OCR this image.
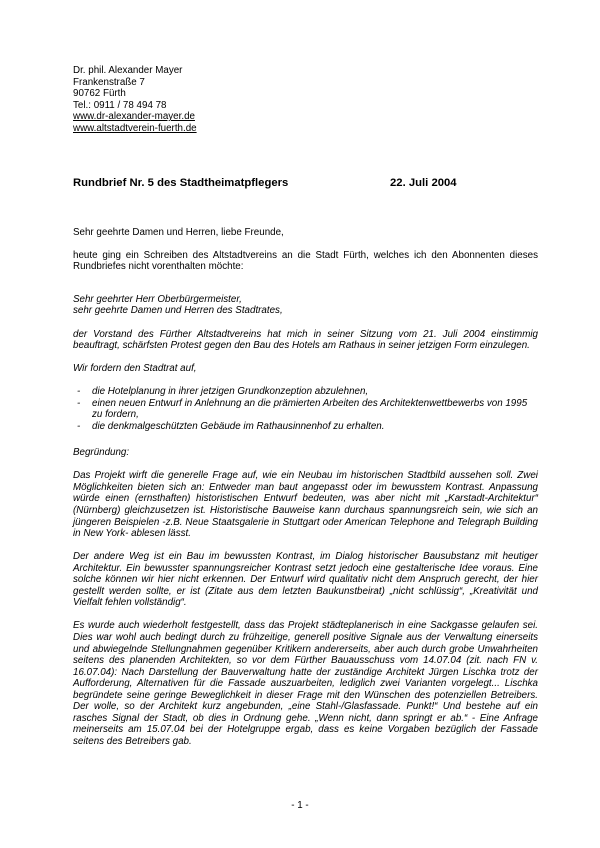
Dr. phil. Alexander Mayer
Frankenstraße 7
90762 Fürth
Tel.: 0911 / 78 494 78
www.dr-alexander-mayer.de
www.altstadtverein-fuerth.de
Rundbrief Nr. 5 des Stadtheimatpflegers	22. Juli 2004
Sehr geehrte Damen und Herren, liebe Freunde,
heute ging ein Schreiben des Altstadtvereins an die Stadt Fürth, welches ich den Abonnenten dieses Rundbriefes nicht vorenthalten möchte:
Sehr geehrter Herr Oberbürgermeister,
sehr geehrte Damen und Herren des Stadtrates,
der Vorstand des Fürther Altstadtvereins hat mich in seiner Sitzung vom 21. Juli 2004 einstimmig beauftragt, schärfsten Protest gegen den Bau des Hotels am Rathaus in seiner jetzigen Form einzulegen.
Wir fordern den Stadtrat auf,
-	die Hotelplanung in ihrer jetzigen Grundkonzeption abzulehnen,
-	einen neuen Entwurf in Anlehnung an die prämierten Arbeiten des Architektenwettbewerbs von 1995 zu fordern,
-	die denkmalgeschützten Gebäude im Rathausinnenhof zu erhalten.
Begründung:
Das Projekt wirft die generelle Frage auf, wie ein Neubau im historischen Stadtbild aussehen soll. Zwei Möglichkeiten bieten sich an: Entweder man baut angepasst oder im bewusstem Kontrast. Anpassung würde einen (ernsthaften) historistischen Entwurf bedeuten, was aber nicht mit „Karstadt-Architektur“ (Nürnberg) gleichzusetzen ist. Historistische Bauweise kann durchaus spannungsreich sein, wie sich an jüngeren Beispielen -z.B. Neue Staatsgalerie in Stuttgart oder American Telephone and Telegraph Building in New York- ablesen lässt.
Der andere Weg ist ein Bau im bewussten Kontrast, im Dialog historischer Bausubstanz mit heutiger Architektur. Ein bewusster spannungsreicher Kontrast setzt jedoch eine gestalterische Idee voraus. Eine solche können wir hier nicht erkennen. Der Entwurf wird qualitativ nicht dem Anspruch gerecht, der hier gestellt werden sollte, er ist (Zitate aus dem letzten Baukunstbeirat) „nicht schlüssig“, „Kreativität und Vielfalt fehlen vollständig“.
Es wurde auch wiederholt festgestellt, dass das Projekt städteplanerisch in eine Sackgasse gelaufen sei. Dies war wohl auch bedingt durch zu frühzeitige, generell positive Signale aus der Verwaltung einerseits und abwiegelnde Stellungnahmen gegenüber Kritikern andererseits, aber auch durch grobe Unwahrheiten seitens des planenden Architekten, so vor dem Fürther Bauausschuss vom 14.07.04 (zit. nach FN v. 16.07.04): Nach Darstellung der Bauverwaltung hatte der zuständige Architekt Jürgen Lischka trotz der Aufforderung, Alternativen für die Fassade auszuarbeiten, lediglich zwei Varianten vorgelegt... Lischka begründete seine geringe Beweglichkeit in dieser Frage mit den Wünschen des potenziellen Betreibers. Der wolle, so der Architekt kurz angebunden, „eine Stahl-/Glasfassade. Punkt!“ Und bestehe auf ein rasches Signal der Stadt, ob dies in Ordnung gehe. „Wenn nicht, dann springt er ab.“ - Eine Anfrage meinerseits am 15.07.04 bei der Hotelgruppe ergab, dass es keine Vorgaben bezüglich der Fassade seitens des Betreibers gab.
- 1 -
